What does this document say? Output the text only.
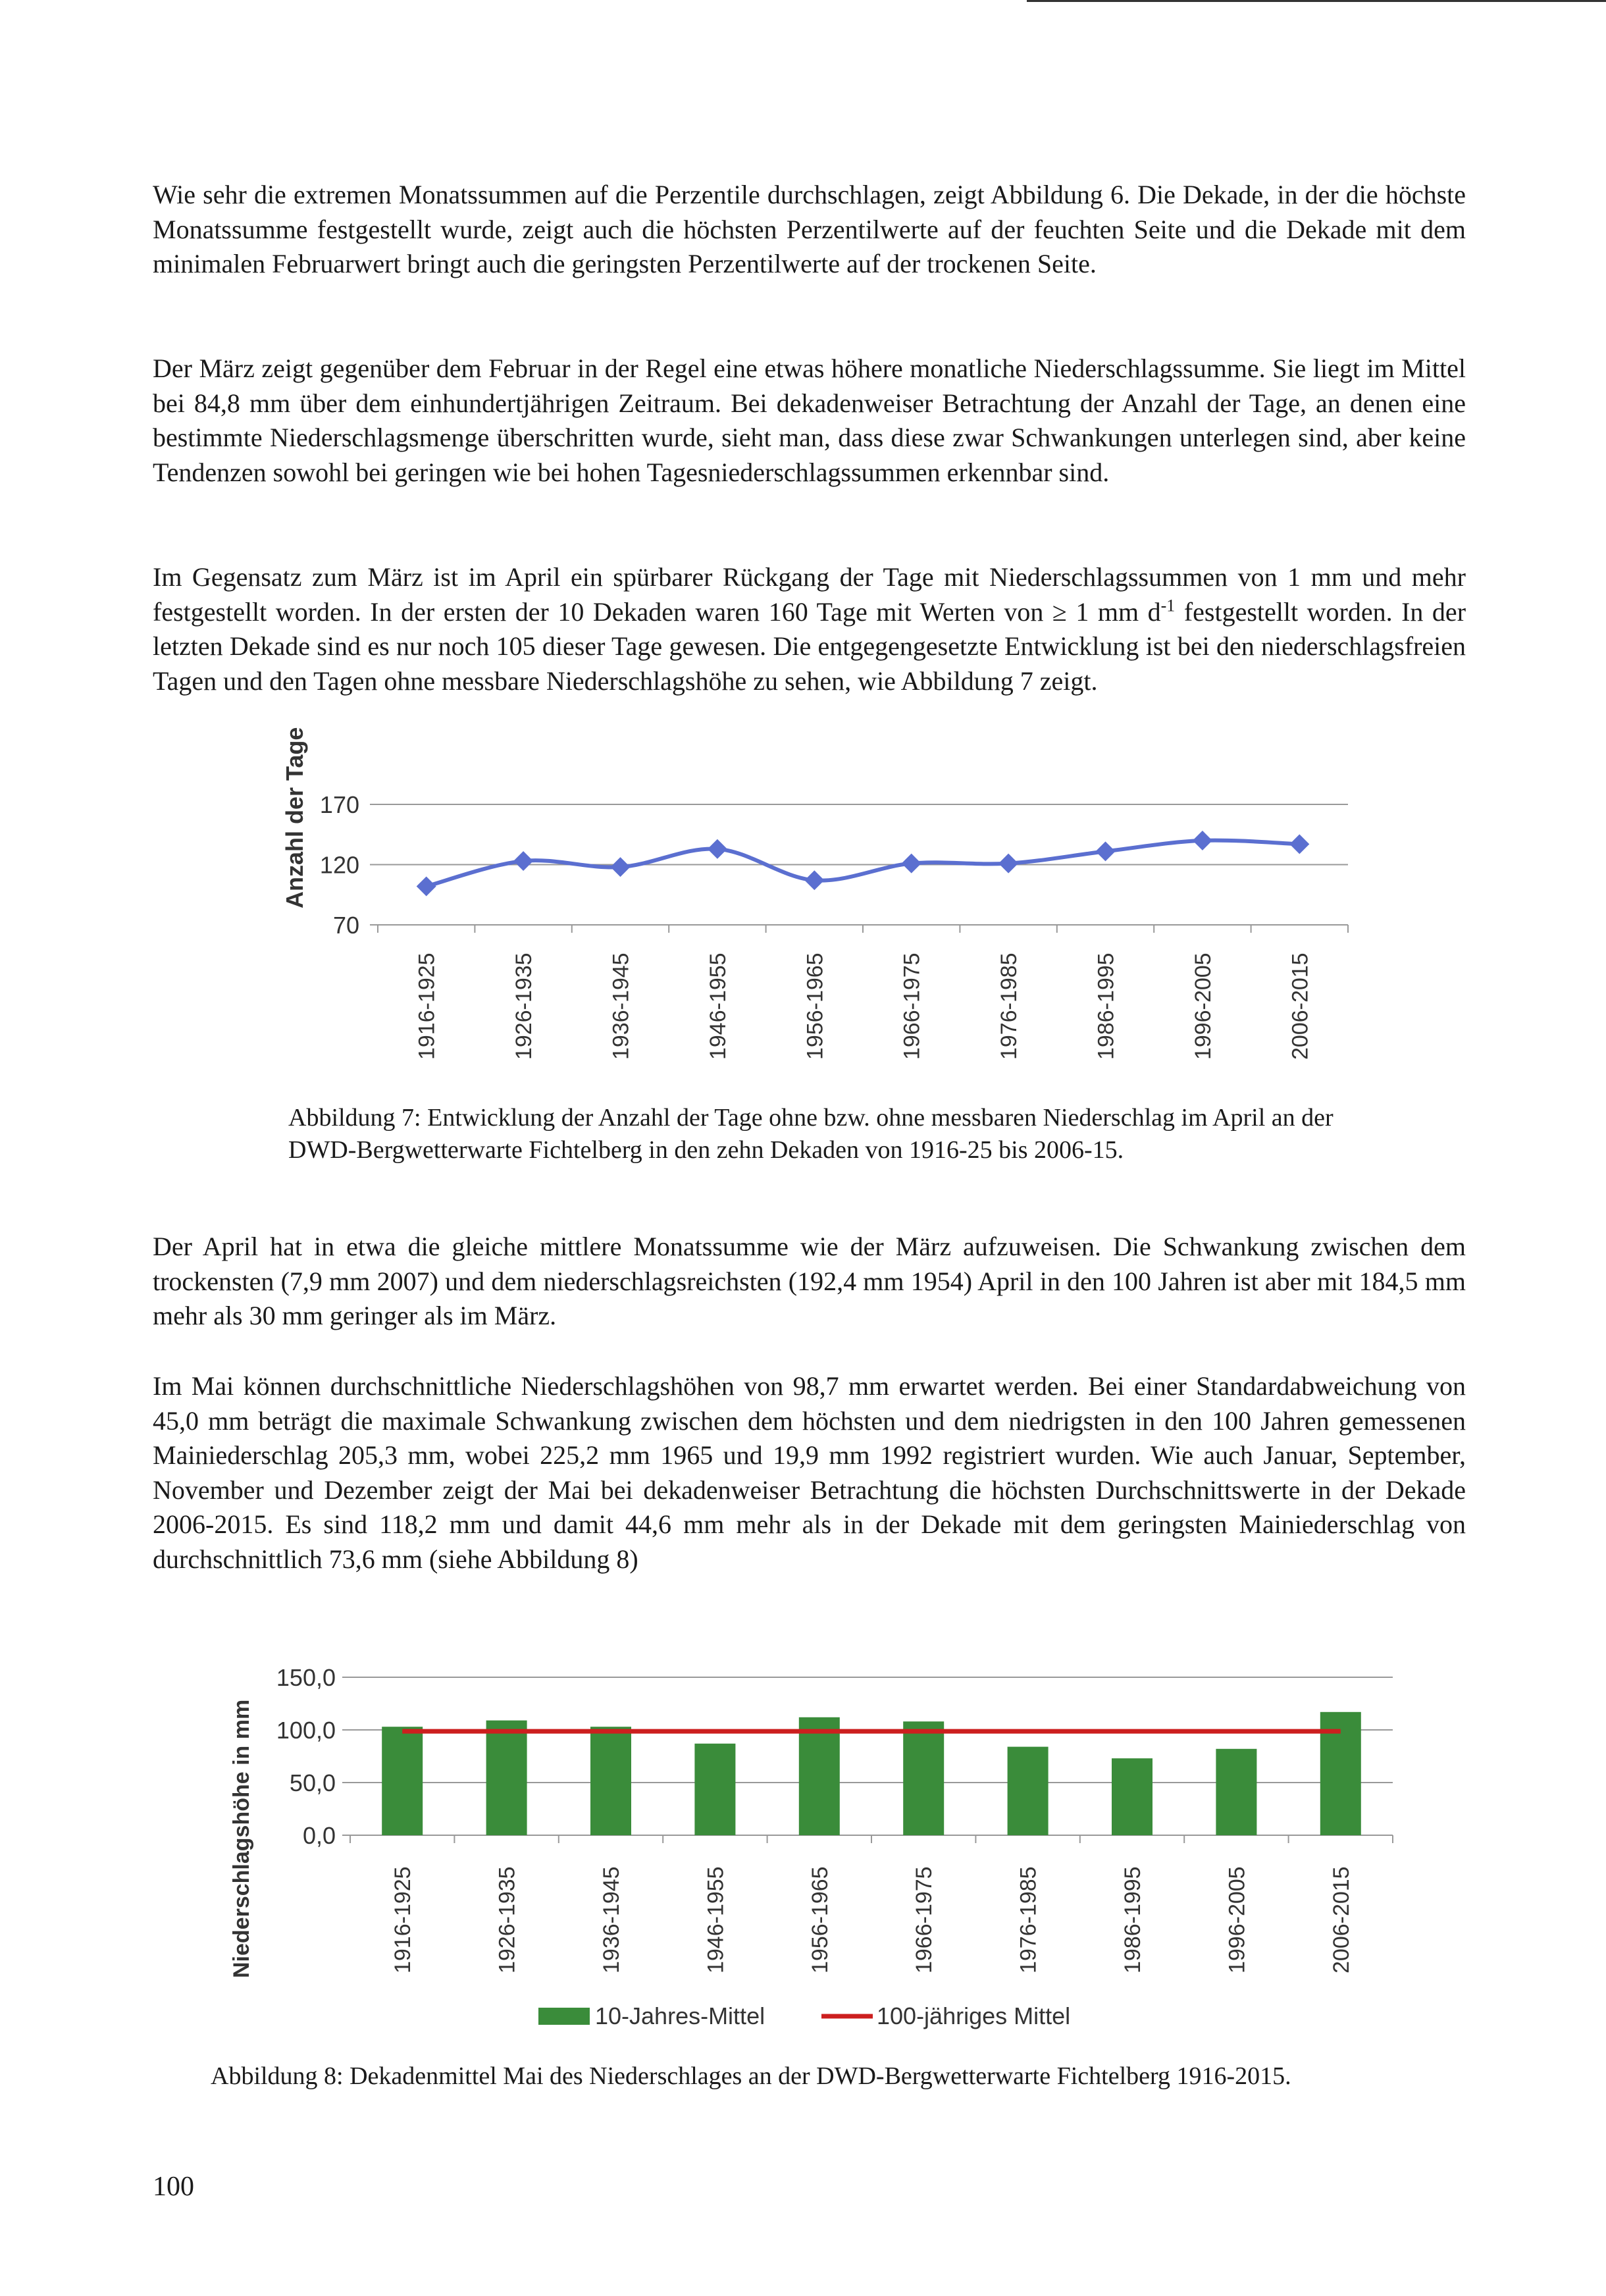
Wie sehr die extremen Monatssummen auf die Perzentile durchschlagen, zeigt Abbildung 6. Die Dekade, in der die höchste Monatssumme festgestellt wurde, zeigt auch die höchsten Perzentilwerte auf der feuchten Seite und die Dekade mit dem minimalen Februarwert bringt auch die geringsten Perzentilwerte auf der trockenen Seite.

Der März zeigt gegenüber dem Februar in der Regel eine etwas höhere monatliche Niederschlagssumme. Sie liegt im Mittel bei 84,8 mm über dem einhundertjährigen Zeitraum. Bei dekadenweiser Betrachtung der Anzahl der Tage, an denen eine bestimmte Niederschlagsmenge überschritten wurde, sieht man, dass diese zwar Schwankungen unterlegen sind, aber keine Tendenzen sowohl bei geringen wie bei hohen Tagesniederschlagssummen erkennbar sind.

Im Gegensatz zum März ist im April ein spürbarer Rückgang der Tage mit Niederschlagssummen von 1 mm und mehr festgestellt worden. In der ersten der 10 Dekaden waren 160 Tage mit Werten von ≥ 1 mm $d^{-1}$ festgestellt worden. In der letzten Dekade sind es nur noch 105 dieser Tage gewesen. Die entgegengesetzte Entwicklung ist bei den niederschlagsfreien Tagen und den Tagen ohne messbare Niederschlagshöhe zu sehen, wie Abbildung 7 zeigt.

70
120
170
1916-1925	1926-1935	1936-1945	1946-1955	1956-1965	1966-1975	1976-1985	1986-1995	1996-2005	2006-2015
Anzahl der Tage

Abbildung 7: Entwicklung der Anzahl der Tage ohne bzw. ohne messbaren Niederschlag im April an der DWD-Bergwetterwarte Fichtelberg in den zehn Dekaden von 1916-25 bis 2006-15.

Der April hat in etwa die gleiche mittlere Monatssumme wie der März aufzuweisen. Die Schwankung zwischen dem trockensten (7,9 mm 2007) und dem niederschlagsreichsten (192,4 mm 1954) April in den 100 Jahren ist aber mit 184,5 mm mehr als 30 mm geringer als im März.

Im Mai können durchschnittliche Niederschlagshöhen von 98,7 mm erwartet werden. Bei einer Standardabweichung von 45,0 mm beträgt die maximale Schwankung zwischen dem höchsten und dem niedrigsten in den 100 Jahren gemessenen Mainiederschlag 205,3 mm, wobei 225,2 mm 1965 und 19,9 mm 1992 registriert wurden. Wie auch Januar, September, November und Dezember zeigt der Mai bei dekadenweiser Betrachtung die höchsten Durchschnittswerte in der Dekade 2006-2015. Es sind 118,2 mm und damit 44,6 mm mehr als in der Dekade mit dem geringsten Mainiederschlag von durchschnittlich 73,6 mm (siehe Abbildung 8)

0,0
50,0
100,0
150,0
1916-1925	1926-1935	1936-1945	1946-1955	1956-1965	1966-1975	1976-1985	1986-1995	1996-2005	2006-2015
Niederschlagshöhe in mm
10-Jahres-Mittel	100-jähriges Mittel

Abbildung 8: Dekadenmittel Mai des Niederschlages an der DWD-Bergwetterwarte Fichtelberg 1916-2015.

100
